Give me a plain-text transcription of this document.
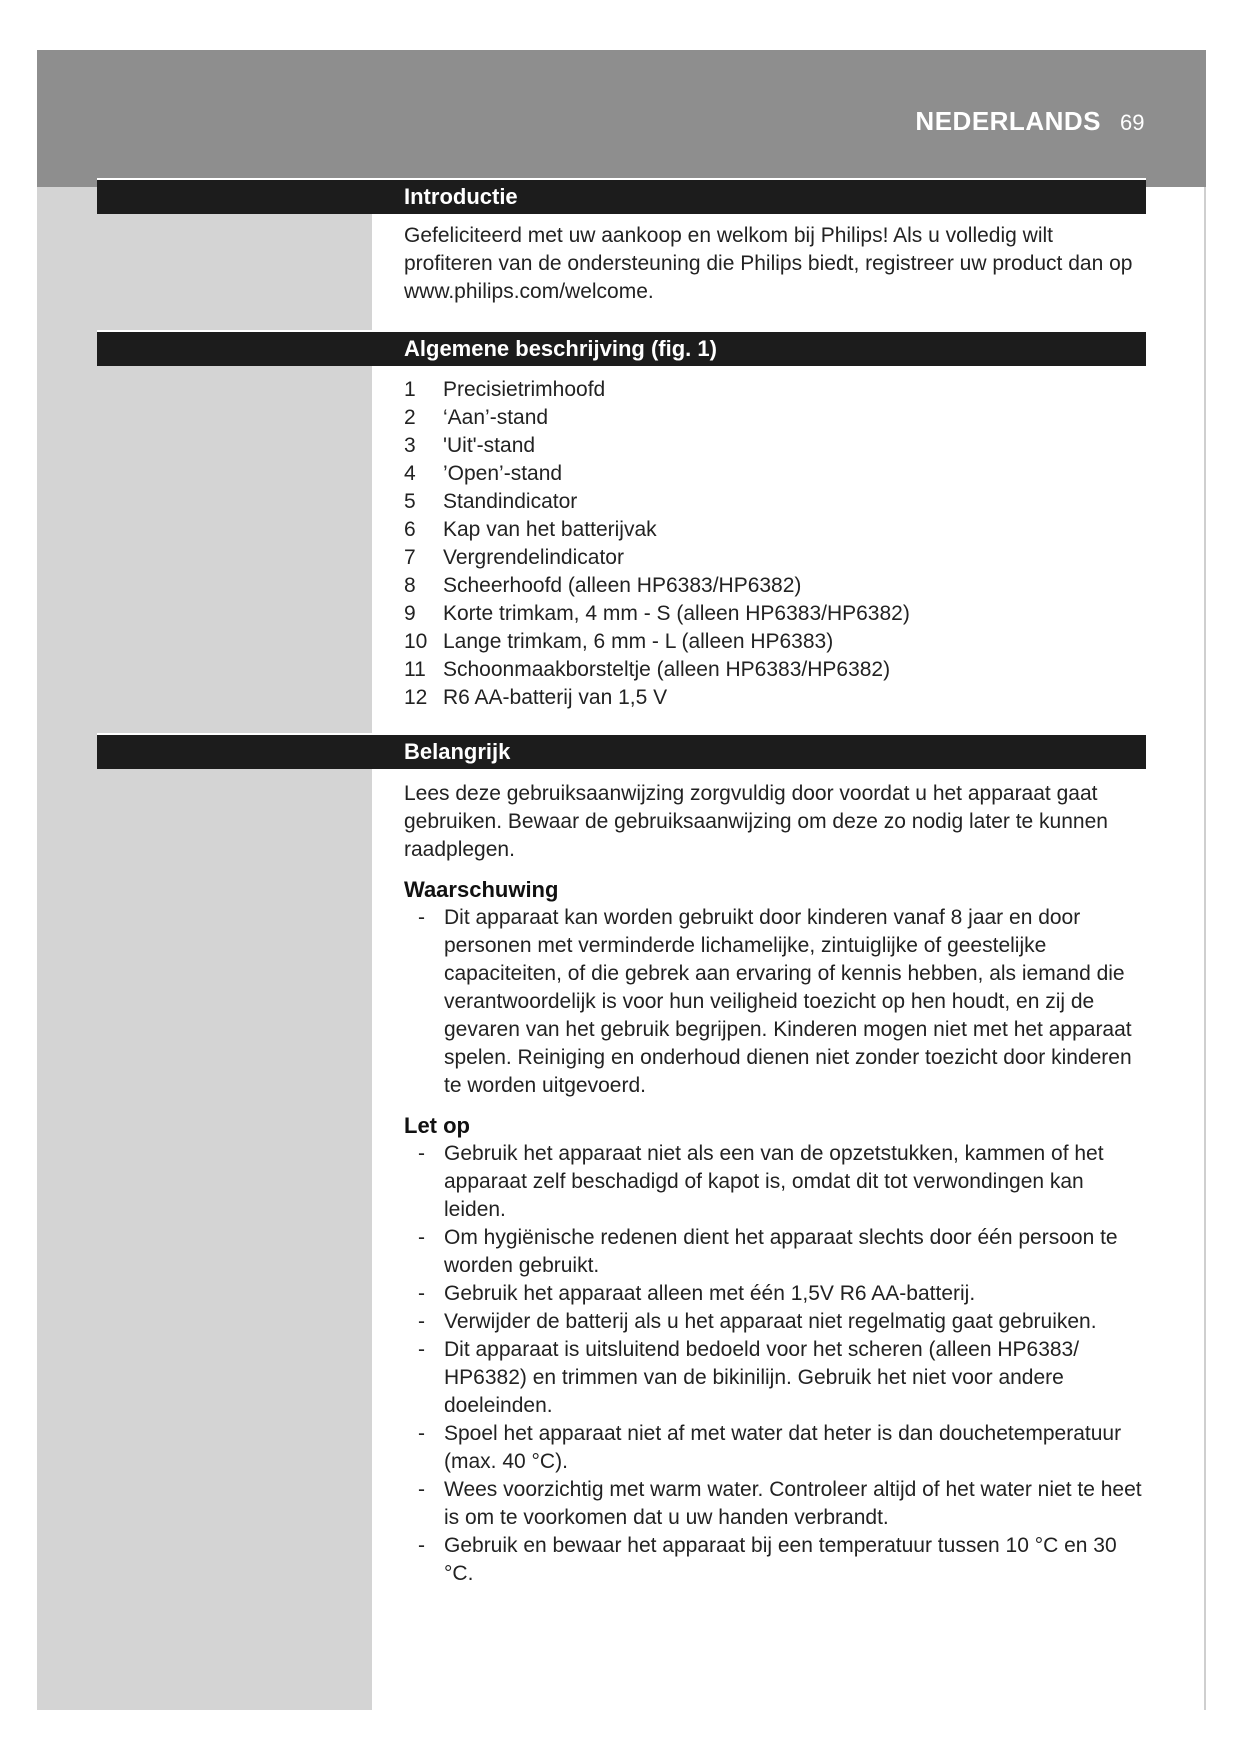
NEDERLANDS 69
Introductie

Gefeliciteerd met uw aankoop en welkom bij Philips! Als u volledig wilt profiteren van de ondersteuning die Philips biedt, registreer uw product dan op www.philips.com/welcome.

Algemene beschrijving (fig. 1)
1	Precisietrimhoofd
2	‘Aan’-stand
3	'Uit'-stand
4	’Open’-stand
5	Standindicator
6	Kap van het batterijvak
7	Vergrendelindicator
8	Scheerhoofd (alleen HP6383/HP6382)
9	Korte trimkam, 4 mm - S (alleen HP6383/HP6382)
10 Lange trimkam, 6 mm - L (alleen HP6383)
11 Schoonmaakborsteltje (alleen HP6383/HP6382)
12 R6 AA-batterij van 1,5 V
Belangrijk

Lees deze gebruiksaanwijzing zorgvuldig door voordat u het apparaat gaat gebruiken. Bewaar de gebruiksaanwijzing om deze zo nodig later te kunnen raadplegen.

Waarschuwing

- Dit apparaat kan worden gebruikt door kinderen vanaf 8 jaar en door personen met verminderde lichamelijke, zintuiglijke of geestelijke capaciteiten, of die gebrek aan ervaring of kennis hebben, als iemand die verantwoordelijk is voor hun veiligheid toezicht op hen houdt, en zij de gevaren van het gebruik begrijpen. Kinderen mogen niet met het apparaat spelen. Reiniging en onderhoud dienen niet zonder toezicht door kinderen te worden uitgevoerd.

Let op

- Gebruik het apparaat niet als een van de opzetstukken, kammen of het apparaat zelf beschadigd of kapot is, omdat dit tot verwondingen kan leiden.
- Om hygiënische redenen dient het apparaat slechts door één persoon te worden gebruikt.
- Gebruik het apparaat alleen met één 1,5V R6 AA-batterij.
- Verwijder de batterij als u het apparaat niet regelmatig gaat gebruiken.
- Dit apparaat is uitsluitend bedoeld voor het scheren (alleen HP6383/ HP6382) en trimmen van de bikinilijn. Gebruik het niet voor andere doeleinden.
- Spoel het apparaat niet af met water dat heter is dan douchetemperatuur (max. 40 °C).
- Wees voorzichtig met warm water. Controleer altijd of het water niet te heet is om te voorkomen dat u uw handen verbrandt.
- Gebruik en bewaar het apparaat bij een temperatuur tussen 10 °C en 30 °C.
